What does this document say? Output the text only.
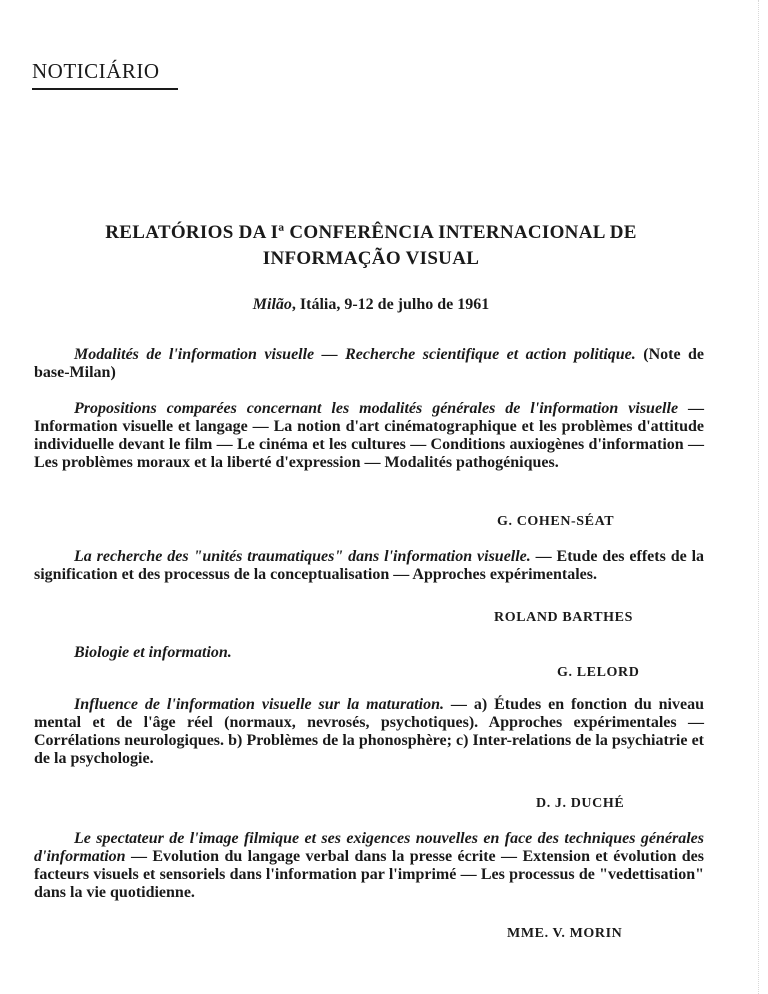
NOTICIÁRIO
RELATÓRIOS DA Iª CONFERÊNCIA INTERNACIONAL DE
INFORMAÇÃO VISUAL
Milão, Itália, 9-12 de julho de 1961
Modalités de l'information visuelle — Recherche scientifique et action politique. (Note de base-Milan)
Propositions comparées concernant les modalités générales de l'information visuelle — Information visuelle et langage — La notion d'art cinématographique et les problèmes d'attitude individuelle devant le film — Le cinéma et les cultures — Conditions auxiogènes d'information — Les problèmes moraux et la liberté d'expression — Modalités pathogéniques.
G. COHEN-SÉAT
La recherche des "unités traumatiques" dans l'information visuelle. — Etude des effets de la signification et des processus de la conceptualisation — Approches expérimentales.
ROLAND BARTHES
Biologie et information.
G. LELORD
Influence de l'information visuelle sur la maturation. — a) Études en fonction du niveau mental et de l'âge réel (normaux, nevrosés, psychotiques). Approches expérimentales — Corrélations neurologiques. b) Problèmes de la phonosphère; c) Inter-relations de la psychiatrie et de la psychologie.
D. J. DUCHÉ
Le spectateur de l'image filmique et ses exigences nouvelles en face des techniques générales d'information — Evolution du langage verbal dans la presse écrite — Extension et évolution des facteurs visuels et sensoriels dans l'information par l'imprimé — Les processus de "vedettisation" dans la vie quotidienne.
MME. V. MORIN
